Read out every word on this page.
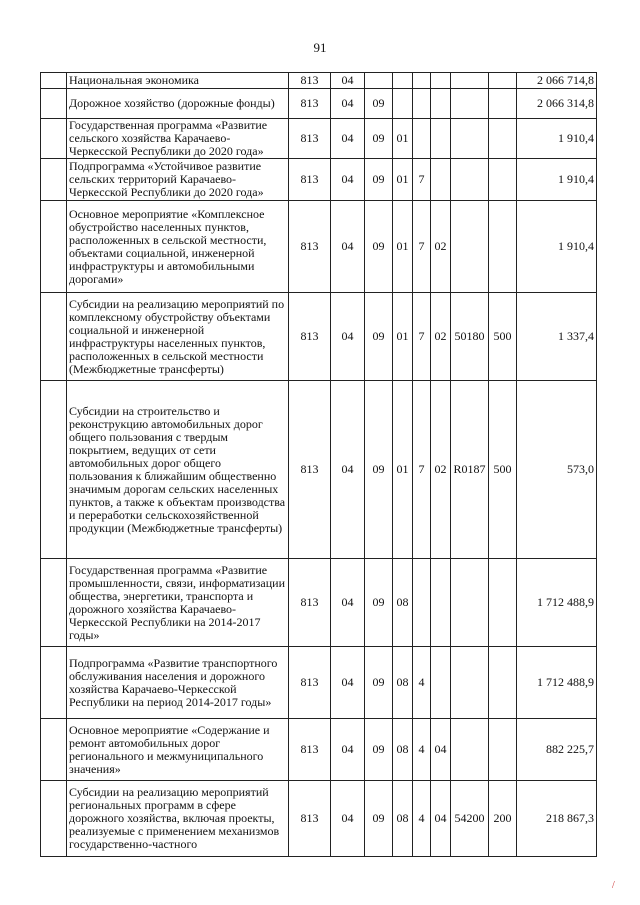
91
	Национальная экономика	813	04							2 066 714,8
	Дорожное хозяйство (дорожные фонды)	813	04	09						2 066 314,8
	Государственная программа «Развитие сельского хозяйства Карачаево-Черкесской Республики до 2020 года»	813	04	09	01					1 910,4
	Подпрограмма «Устойчивое развитие сельских территорий Карачаево-Черкесской Республики до 2020 года»	813	04	09	01	7				1 910,4
	Основное мероприятие «Комплексное обустройство населенных пунктов, расположенных в сельской местности, объектами социальной, инженерной инфраструктуры и автомобильными дорогами»	813	04	09	01	7	02			1 910,4
	Субсидии на реализацию мероприятий по комплексному обустройству объектами социальной и инженерной инфраструктуры населенных пунктов, расположенных в сельской местности (Межбюджетные трансферты)	813	04	09	01	7	02	50180	500	1 337,4
	Субсидии на строительство и реконструкцию автомобильных дорог общего пользования с твердым покрытием, ведущих от сети автомобильных дорог общего пользования к ближайшим общественно значимым дорогам сельских населенных пунктов, а также к объектам производства и переработки сельскохозяйственной продукции (Межбюджетные трансферты)	813	04	09	01	7	02	R0187	500	573,0
	Государственная программа «Развитие промышленности, связи, информатизации общества, энергетики, транспорта и дорожного хозяйства Карачаево-Черкесской Республики на 2014-2017 годы»	813	04	09	08					1 712 488,9
	Подпрограмма «Развитие транспортного обслуживания населения и дорожного хозяйства Карачаево-Черкесской Республики на период 2014-2017 годы»	813	04	09	08	4				1 712 488,9
	Основное мероприятие «Содержание и ремонт автомобильных дорог регионального и межмуниципального значения»	813	04	09	08	4	04			882 225,7
	Субсидии на реализацию мероприятий региональных программ в сфере дорожного хозяйства, включая проекты, реализуемые с применением механизмов государственно-частного	813	04	09	08	4	04	54200	200	218 867,3
/
